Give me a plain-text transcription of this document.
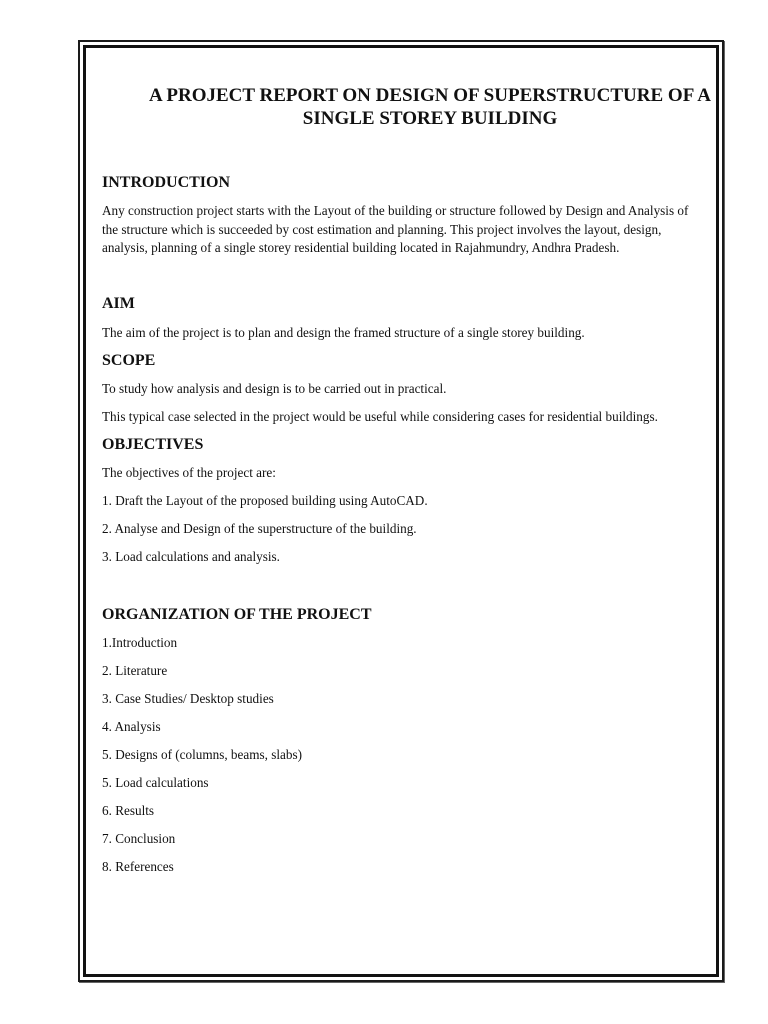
A PROJECT REPORT ON DESIGN OF SUPERSTRUCTURE OF A SINGLE STOREY BUILDING
INTRODUCTION

Any construction project starts with the Layout of the building or structure followed by Design and Analysis of the structure which is succeeded by cost estimation and planning. This project involves the layout, design, analysis, planning of a single storey residential building located in Rajahmundry, Andhra Pradesh.

AIM

The aim of the project is to plan and design the framed structure of a single storey building.

SCOPE

To study how analysis and design is to be carried out in practical.

This typical case selected in the project would be useful while considering cases for residential buildings.

OBJECTIVES

The objectives of the project are:

1. Draft the Layout of the proposed building using AutoCAD.

2. Analyse and Design of the superstructure of the building.

3. Load calculations and analysis.

ORGANIZATION OF THE PROJECT

1.Introduction

2. Literature

3. Case Studies/ Desktop studies

4. Analysis

5. Designs of (columns, beams, slabs)

5. Load calculations

6. Results

7. Conclusion

8. References
